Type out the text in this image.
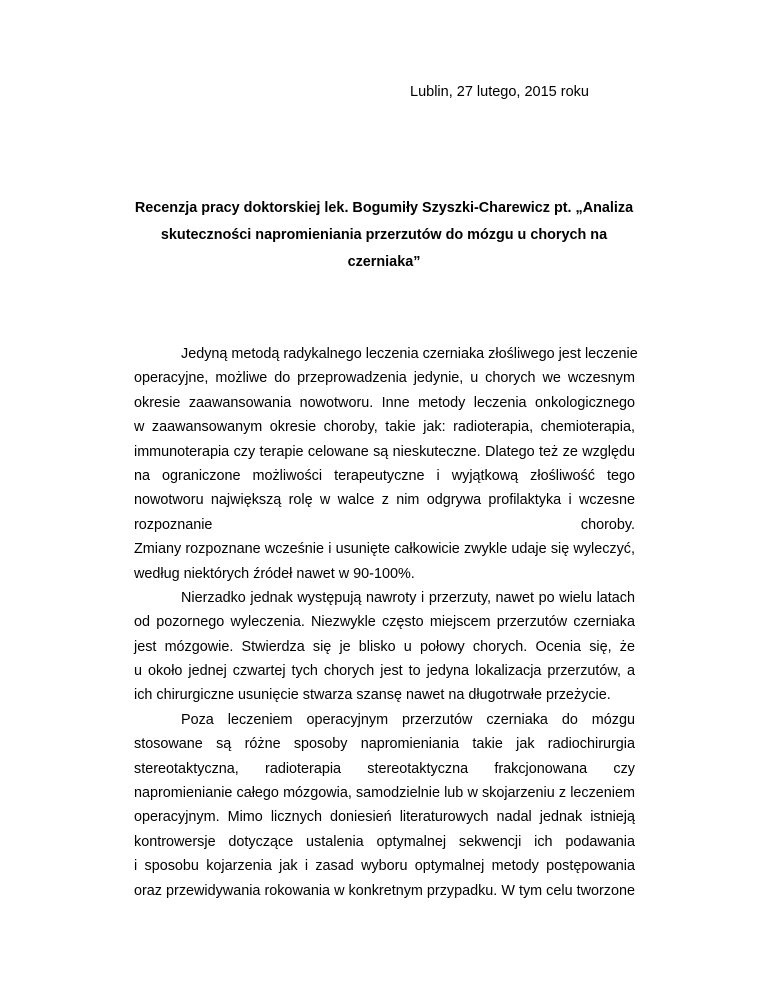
Lublin, 27 lutego, 2015 roku
Recenzja pracy doktorskiej lek. Bogumiły Szyszki-Charewicz pt. „Analiza
skuteczności napromieniania przerzutów do mózgu u chorych na
czerniaka”
Jedyną metodą radykalnego leczenia czerniaka złośliwego jest leczenie
operacyjne, możliwe do przeprowadzenia jedynie, u chorych we wczesnym
okresie zaawansowania nowotworu. Inne metody leczenia onkologicznego
w zaawansowanym okresie choroby, takie jak: radioterapia, chemioterapia,
immunoterapia czy terapie celowane są nieskuteczne. Dlatego też ze względu
na ograniczone możliwości terapeutyczne i wyjątkową złośliwość tego
nowotworu największą rolę w walce z nim odgrywa profilaktyka i wczesne
rozpoznanie choroby.
Zmiany rozpoznane wcześnie i usunięte całkowicie zwykle udaje się wyleczyć,
według niektórych źródeł nawet w 90-100%.
Nierzadko jednak występują nawroty i przerzuty, nawet po wielu latach
od pozornego wyleczenia. Niezwykle często miejscem przerzutów czerniaka
jest mózgowie. Stwierdza się je blisko u połowy chorych. Ocenia się, że
u około jednej czwartej tych chorych jest to jedyna lokalizacja przerzutów, a
ich chirurgiczne usunięcie stwarza szansę nawet na długotrwałe przeżycie.
Poza leczeniem operacyjnym przerzutów czerniaka do mózgu
stosowane są różne sposoby napromieniania takie jak radiochirurgia
stereotaktyczna, radioterapia stereotaktyczna frakcjonowana czy
napromienianie całego mózgowia, samodzielnie lub w skojarzeniu z leczeniem
operacyjnym. Mimo licznych doniesień literaturowych nadal jednak istnieją
kontrowersje dotyczące ustalenia optymalnej sekwencji ich podawania
i sposobu kojarzenia jak i zasad wyboru optymalnej metody postępowania
oraz przewidywania rokowania w konkretnym przypadku. W tym celu tworzone
